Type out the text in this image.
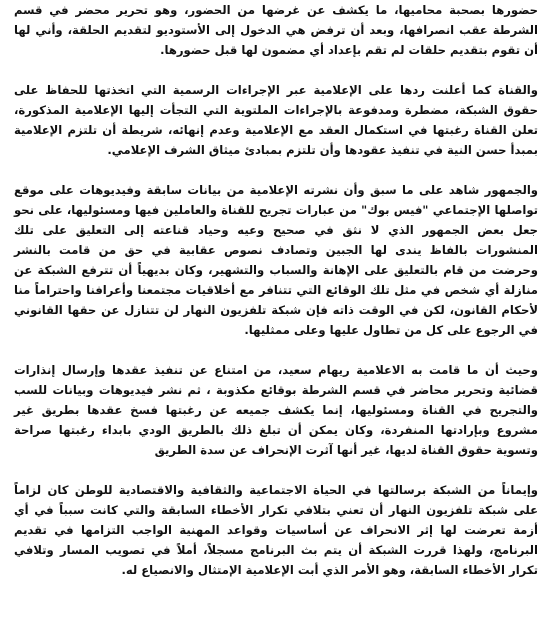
حضورها بصحبة محاميها، ما يكشف عن غرضها من الحضور، وهو تحرير محضر في قسم الشرطة عقب انصرافها، وبعد أن ترفض هي الدخول إلى الأستوديو لتقديم الحلقة، وأني لها أن تقوم بتقديم حلقات لم تقم بإعداد أي مضمون لها قبل حضورها.

والقناة كما أعلنت ردها على الإعلامية عبر الإجراءات الرسمية التي اتخذتها للحفاظ على حقوق الشبكة، مضطرة ومدفوعة بالإجراءات الملتوية التي التجأت إليها الإعلامية المذكورة، تعلن القناة رغبتها في استكمال العقد مع الإعلامية وعدم إنهائه، شريطة أن تلتزم الإعلامية بمبدأ حسن النية في تنفيذ عقودها وأن تلتزم بمبادئ ميثاق الشرف الإعلامي.

والجمهور شاهد على ما سبق وأن نشرته الإعلامية من بيانات سابقة وفيديوهات على موقع تواصلها الإجتماعي "فيس بوك" من عبارات تجريح للقناة والعاملين فيها ومسئوليها، على نحو جعل بعض الجمهور الذي لا نثق في صحيح وعيه وحياد قناعته إلى التعليق على تلك المنشورات بالفاظ يندى لها الجبين وتصادف نصوص عقابية في حق من قامت بالنشر وحرضت من قام بالتعليق على الإهانة والسباب والتشهير، وكان بديهياً أن تترفع الشبكة عن منازلة أي شخص في مثل تلك الوقائع التي تتنافر مع أخلاقيات مجتمعنا وأعرافنا واحتراماً منا لأحكام القانون، لكن في الوقت ذاته فإن شبكة تلفزيون النهار لن تتنازل عن حقها القانوني في الرجوع على كل من تطاول عليها وعلى ممثليها.

وحيث أن ما قامت به الاعلامية ريهام سعيد، من امتناع عن تنفيذ عقدها وإرسال إنذارات قضائية وتحرير محاضر في قسم الشرطة بوقائع مكذوبة ، ثم نشر فيديوهات وبيانات للسب والتجريح في القناة ومسئوليها، إنما يكشف جميعه عن رغبتها فسخ عقدها بطريق غير مشروع وبإرادتها المنفردة، وكان يمكن أن تبلغ ذلك بالطريق الودي بابداء رغبتها صراحة وتسوية حقوق القناة لديها، غير أنها آثرت الإنحراف عن سدة الطريق

وإيماناً من الشبكة برسالتها في الحياة الاجتماعية والثقافية والاقتصادية للوطن كان لزاماً على شبكة تلفزيون النهار أن تعني بتلافي تكرار الأخطاء السابقة والتي كانت سبباً في أي أزمة تعرضت لها إثر الانحراف عن أساسيات وقواعد المهنية الواجب التزامها في تقديم البرنامج، ولهذا قررت الشبكة أن يتم بث البرنامج مسجلاً، أملاً في تصويب المسار وتلافي تكرار الأخطاء السابقة، وهو الأمر الذي أبت الإعلامية الإمتثال والانصياع له.
